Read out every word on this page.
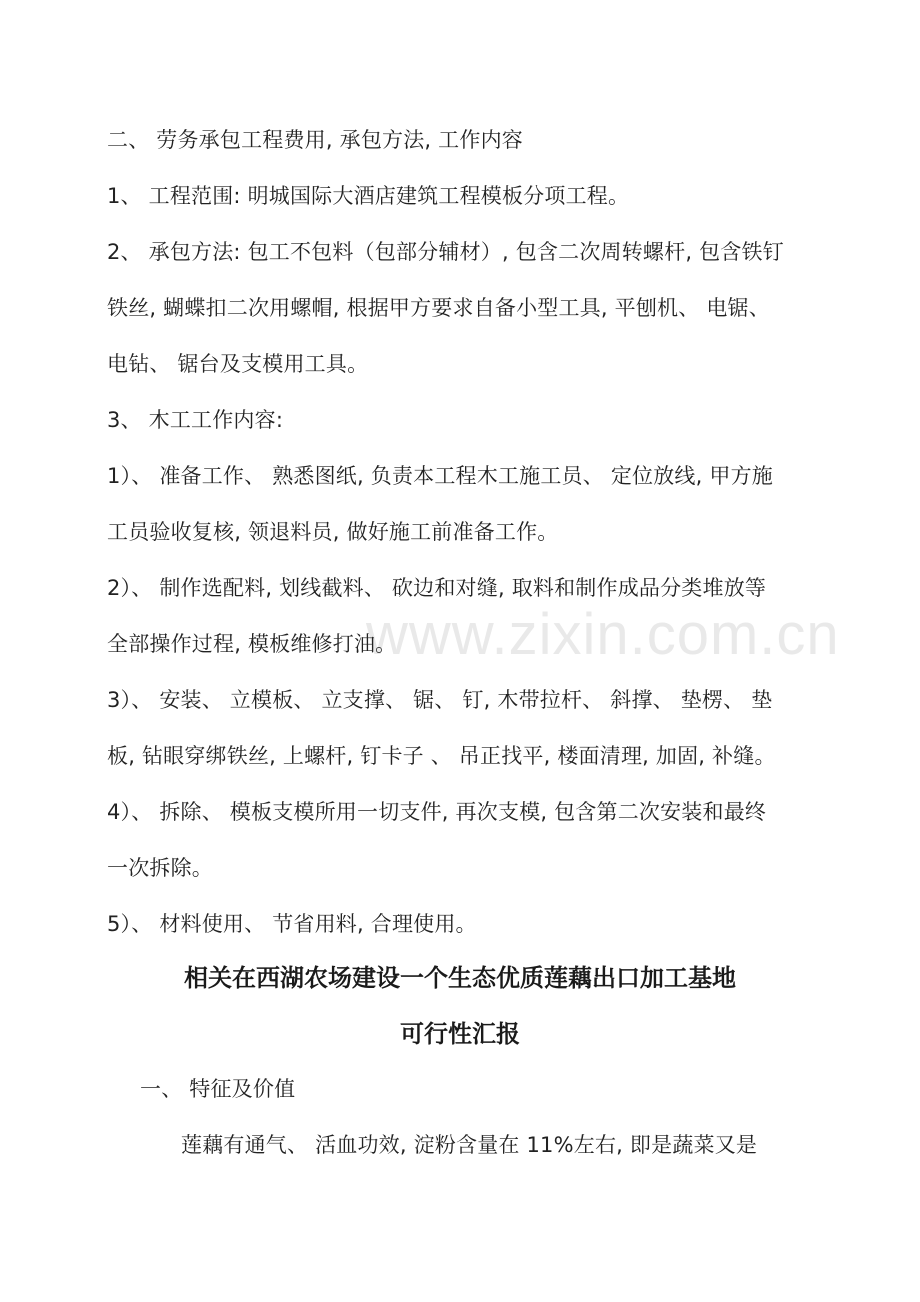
www.zixin.com.cn
二、 劳务承包工程费用, 承包方法, 工作内容
1、 工程范围: 明城国际大酒店建筑工程模板分项工程。
2、 承包方法: 包工不包料（包部分辅材）, 包含二次周转螺杆, 包含铁钉
铁丝, 蝴蝶扣二次用螺帽, 根据甲方要求自备小型工具, 平刨机、 电锯、
电钻、 锯台及支模用工具。
3、 木工工作内容:
1）、 准备工作、 熟悉图纸, 负责本工程木工施工员、 定位放线, 甲方施
工员验收复核, 领退料员, 做好施工前准备工作。
2）、 制作选配料, 划线截料、 砍边和对缝, 取料和制作成品分类堆放等
全部操作过程, 模板维修打油。
3）、 安装、 立模板、 立支撑、 锯、 钉, 木带拉杆、 斜撑、 垫楞、 垫
板, 钻眼穿绑铁丝, 上螺杆, 钉卡子 、 吊正找平, 楼面清理, 加固, 补缝。
4）、 拆除、 模板支模所用一切支件, 再次支模, 包含第二次安装和最终
一次拆除。
5）、 材料使用、 节省用料, 合理使用。
相关在西湖农场建设一个生态优质莲藕出口加工基地
可行性汇报
一、 特征及价值
莲藕有通气、 活血功效, 淀粉含量在 11%左右, 即是蔬菜又是
